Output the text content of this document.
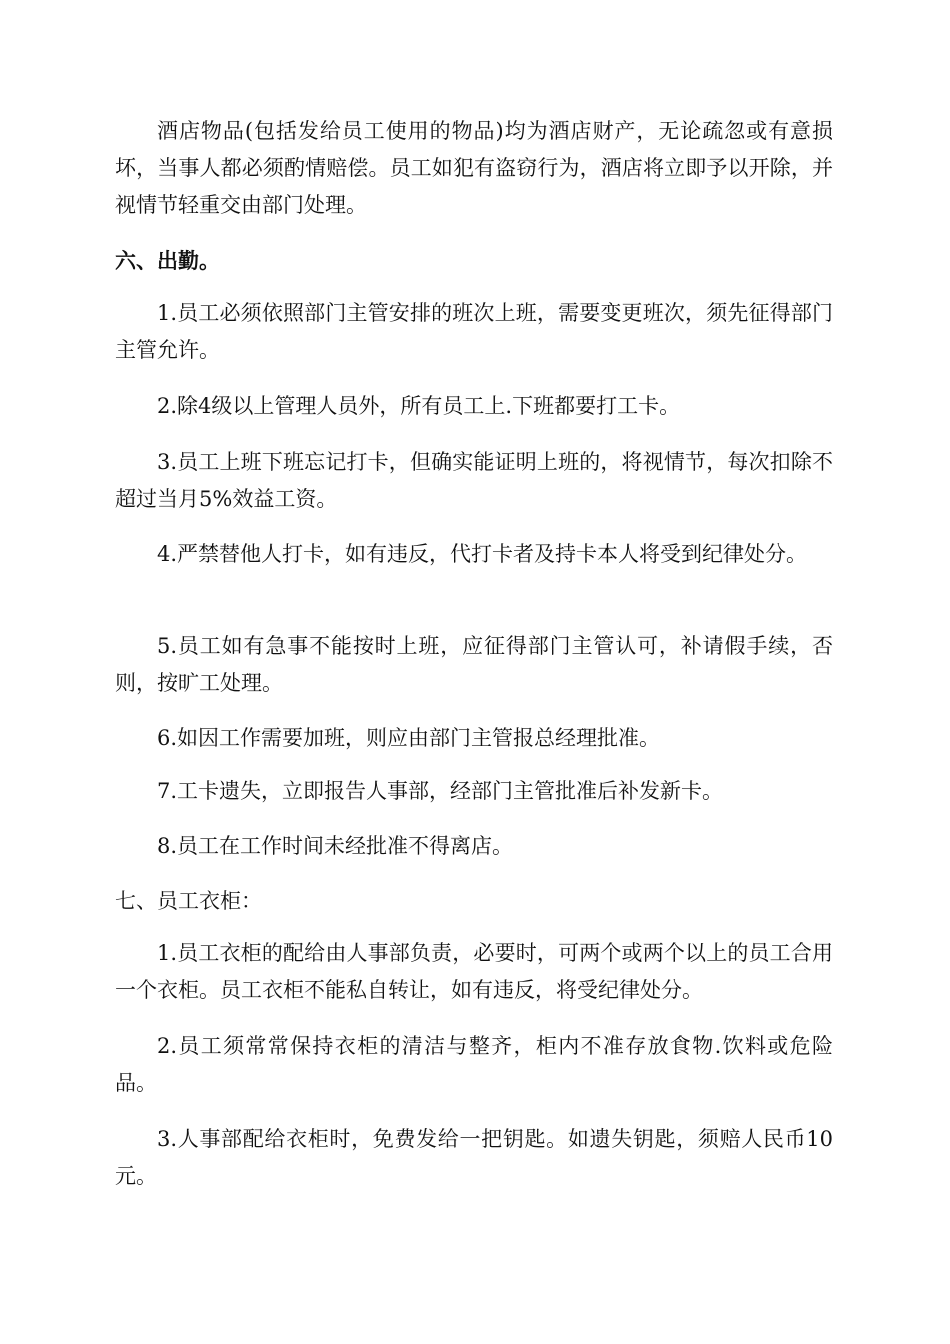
酒店物品(包括发给员工使用的物品)均为酒店财产，无论疏忽或有意损坏，当事人都必须酌情赔偿。员工如犯有盗窃行为，酒店将立即予以开除，并视情节轻重交由部门处理。

六、出勤。

1.员工必须依照部门主管安排的班次上班，需要变更班次，须先征得部门主管允许。

2.除4级以上管理人员外，所有员工上.下班都要打工卡。

3.员工上班下班忘记打卡，但确实能证明上班的，将视情节，每次扣除不超过当月5%效益工资。

4.严禁替他人打卡，如有违反，代打卡者及持卡本人将受到纪律处分。

5.员工如有急事不能按时上班，应征得部门主管认可，补请假手续，否则，按旷工处理。

6.如因工作需要加班，则应由部门主管报总经理批准。

7.工卡遗失，立即报告人事部，经部门主管批准后补发新卡。

8.员工在工作时间未经批准不得离店。

七、员工衣柜：

1.员工衣柜的配给由人事部负责，必要时，可两个或两个以上的员工合用一个衣柜。员工衣柜不能私自转让，如有违反，将受纪律处分。

2.员工须常常保持衣柜的清洁与整齐，柜内不准存放食物.饮料或危险品。

3.人事部配给衣柜时，免费发给一把钥匙。如遗失钥匙，须赔人民币10元。
